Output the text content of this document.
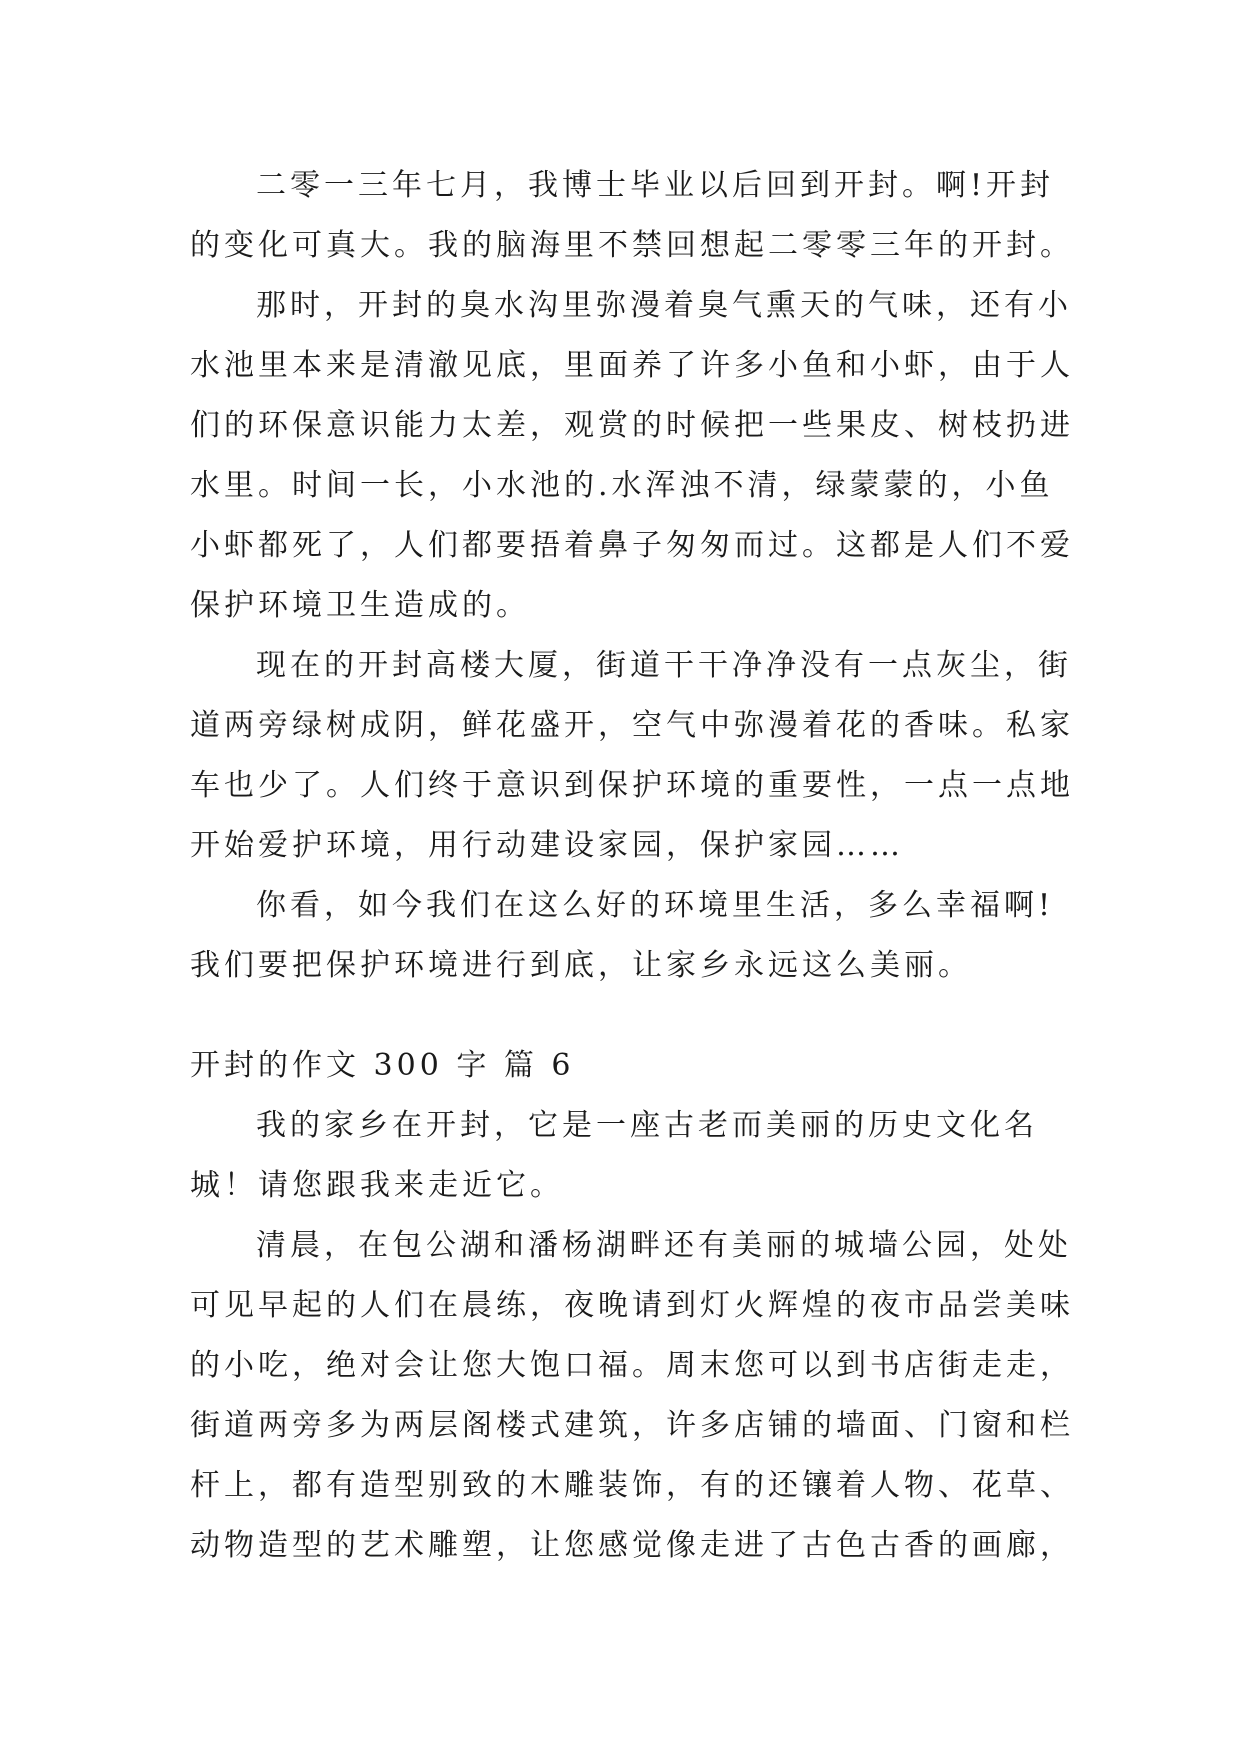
二零一三年七月，我博士毕业以后回到开封。啊!开封
的变化可真大。我的脑海里不禁回想起二零零三年的开封。
那时，开封的臭水沟里弥漫着臭气熏天的气味，还有小
水池里本来是清澈见底，里面养了许多小鱼和小虾，由于人
们的环保意识能力太差，观赏的时候把一些果皮、树枝扔进
水里。时间一长，小水池的.水浑浊不清，绿蒙蒙的，小鱼
小虾都死了，人们都要捂着鼻子匆匆而过。这都是人们不爱
保护环境卫生造成的。
现在的开封高楼大厦，街道干干净净没有一点灰尘，街
道两旁绿树成阴，鲜花盛开，空气中弥漫着花的香味。私家
车也少了。人们终于意识到保护环境的重要性，一点一点地
开始爱护环境，用行动建设家园，保护家园……
你看，如今我们在这么好的环境里生活，多么幸福啊!
我们要把保护环境进行到底，让家乡永远这么美丽。
开封的作文 300 字 篇 6
我的家乡在开封，它是一座古老而美丽的历史文化名
城！请您跟我来走近它。
清晨，在包公湖和潘杨湖畔还有美丽的城墙公园，处处
可见早起的人们在晨练，夜晚请到灯火辉煌的夜市品尝美味
的小吃，绝对会让您大饱口福。周末您可以到书店街走走，
街道两旁多为两层阁楼式建筑，许多店铺的墙面、门窗和栏
杆上，都有造型别致的木雕装饰，有的还镶着人物、花草、
动物造型的艺术雕塑，让您感觉像走进了古色古香的画廊，
